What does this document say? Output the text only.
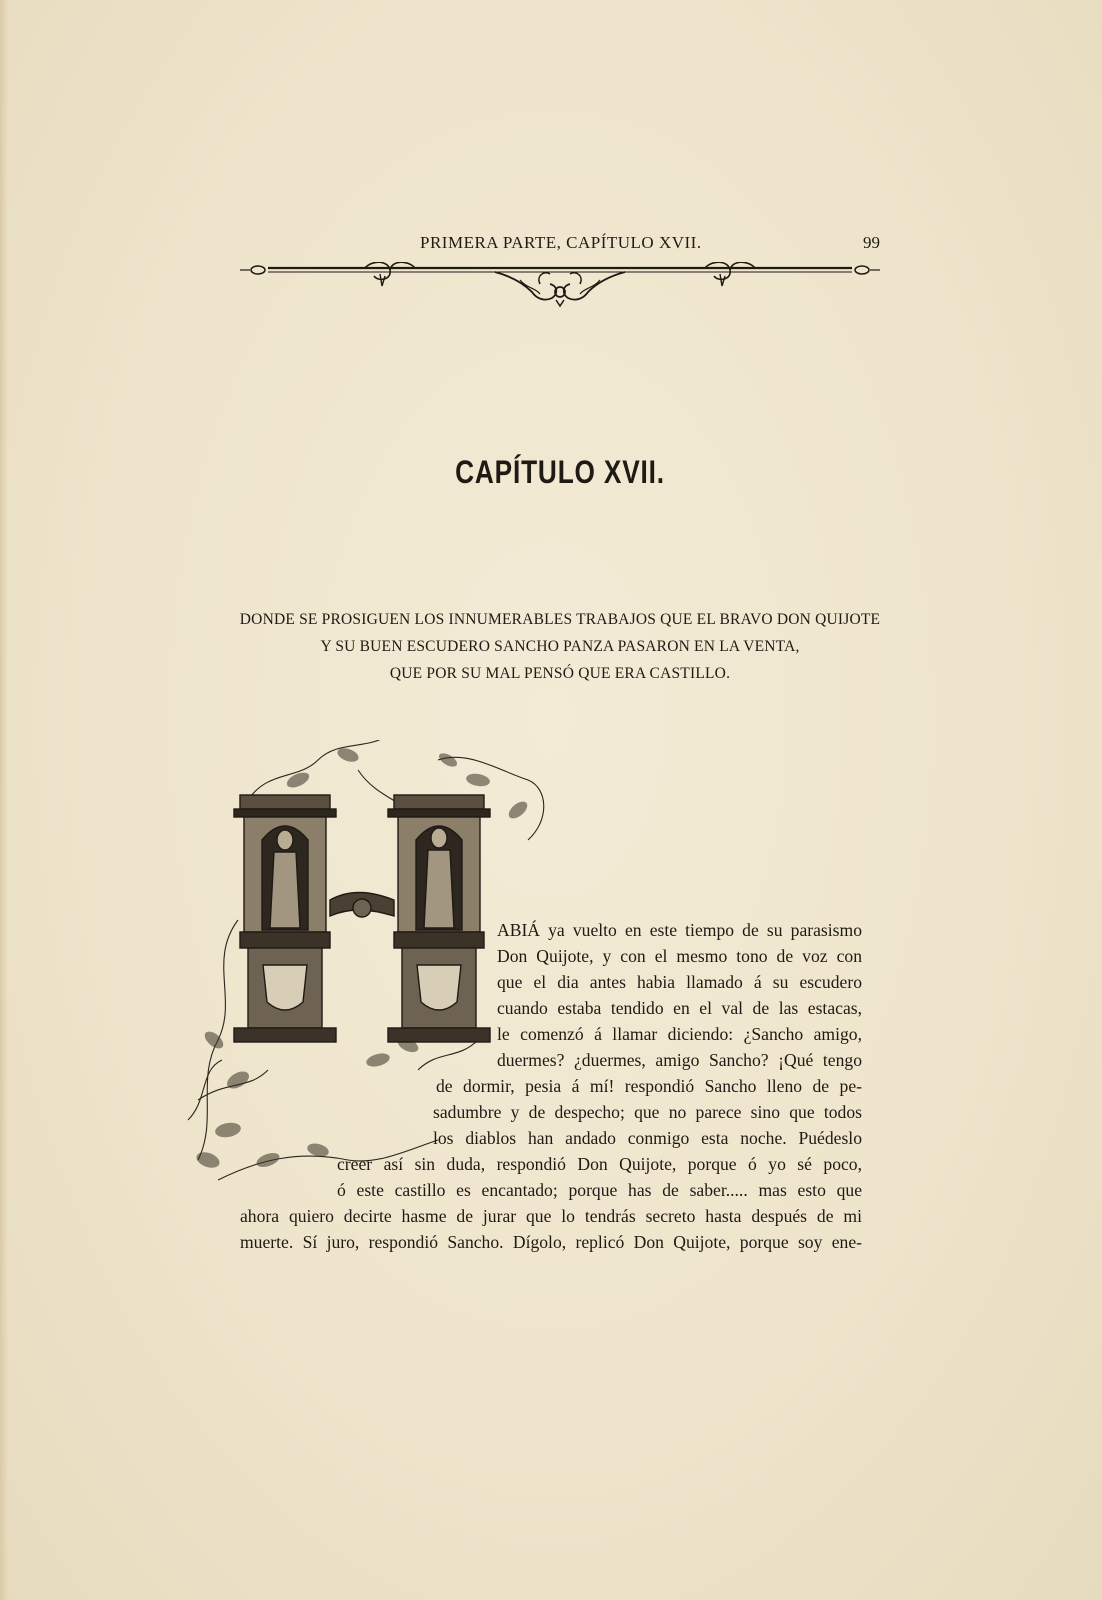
PRIMERA PARTE, CAPÍTULO XVII.	99
CAPÍTULO XVII.
DONDE SE PROSIGUEN LOS INNUMERABLES TRABAJOS QUE EL BRAVO DON QUIJOTE
Y SU BUEN ESCUDERO SANCHO PANZA PASARON EN LA VENTA,
QUE POR SU MAL PENSÓ QUE ERA CASTILLO.
ABIÁ ya vuelto en este tiempo de su parasismo
Don Quijote, y con el mesmo tono de voz con
que el dia antes habia llamado á su escudero
cuando estaba tendido en el val de las estacas,
le comenzó á llamar diciendo: ¿Sancho amigo,
duermes? ¿duermes, amigo Sancho? ¡Qué tengo
de dormir, pesia á mí! respondió Sancho lleno de pe-
sadumbre y de despecho; que no parece sino que todos
los diablos han andado conmigo esta noche. Puédeslo
creer así sin duda, respondió Don Quijote, porque ó yo sé poco,
ó este castillo es encantado; porque has de saber..... mas esto que
ahora quiero decirte hasme de jurar que lo tendrás secreto hasta después de mi
muerte. Sí juro, respondió Sancho. Dígolo, replicó Don Quijote, porque soy ene-
